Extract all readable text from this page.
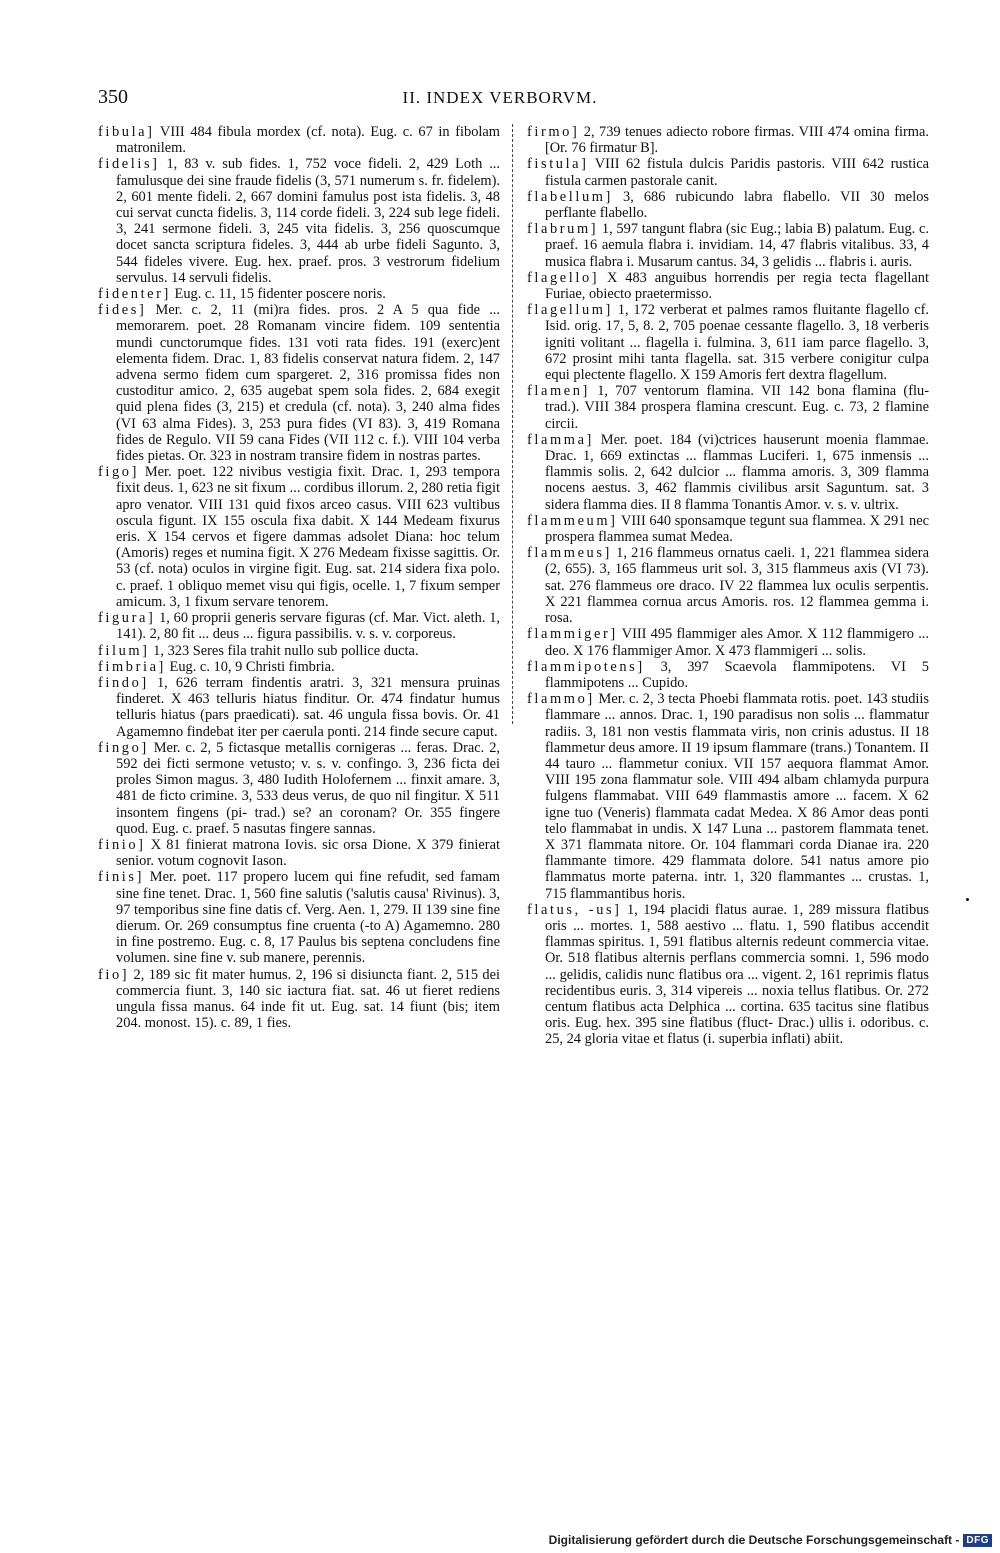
350	II. INDEX VERBORVM.
fibula] VIII 484 fibula mordex (cf. nota). Eug. c. 67 in fibolam matronilem.
fidelis] 1, 83 v. sub fides. 1, 752 voce fideli. 2, 429 Loth ... famulusque dei sine fraude fidelis (3, 571 numerum s. fr. fidelem). 2, 601 mente fideli. 2, 667 domini famulus post ista fidelis. 3, 48 cui servat cuncta fidelis. 3, 114 corde fideli. 3, 224 sub lege fideli. 3, 241 sermone fideli. 3, 245 vita fidelis. 3, 256 quoscumque docet sancta scriptura fideles. 3, 444 ab urbe fideli Sagunto. 3, 544 fideles vivere. Eug. hex. praef. pros. 3 vestrorum fidelium servulus. 14 servuli fidelis.
fidenter] Eug. c. 11, 15 fidenter poscere noris.
fides] Mer. c. 2, 11 (mi)ra fides. pros. 2 A 5 qua fide ... memorarem. poet. 28 Romanam vincire fidem. 109 sententia mundi cunctorumque fides. 131 voti rata fides. 191 (exerc)ent elementa fidem. Drac. 1, 83 fidelis conservat natura fidem. 2, 147 advena sermo fidem cum spargeret. 2, 316 promissa fides non custoditur amico. 2, 635 augebat spem sola fides. 2, 684 exegit quid plena fides (3, 215) et credula (cf. nota). 3, 240 alma fides (VI 63 alma Fides). 3, 253 pura fides (VI 83). 3, 419 Romana fides de Regulo. VII 59 cana Fides (VII 112 c. f.). VIII 104 verba fides pietas. Or. 323 in nostram transire fidem in nostras partes.
figo] Mer. poet. 122 nivibus vestigia fixit. Drac. 1, 293 tempora fixit deus. 1, 623 ne sit fixum ... cordibus illorum. 2, 280 retia figit apro venator. VIII 131 quid fixos arceo casus. VIII 623 vultibus oscula figunt. IX 155 oscula fixa dabit. X 144 Medeam fixurus eris. X 154 cervos et figere dammas adsolet Diana: hoc telum (Amoris) reges et numina figit. X 276 Medeam fixisse sagittis. Or. 53 (cf. nota) oculos in virgine figit. Eug. sat. 214 sidera fixa polo. c. praef. 1 obliquo memet visu qui figis, ocelle. 1, 7 fixum semper amicum. 3, 1 fixum servare tenorem.
figura] 1, 60 proprii generis servare figuras (cf. Mar. Vict. aleth. 1, 141). 2, 80 fit ... deus ... figura passibilis. v. s. v. corporeus.
filum] 1, 323 Seres fila trahit nullo sub pollice ducta.
fimbria] Eug. c. 10, 9 Christi fimbria.
findo] 1, 626 terram findentis aratri. 3, 321 mensura pruinas finderet. X 463 telluris hiatus finditur. Or. 474 findatur humus telluris hiatus (pars praedicati). sat. 46 ungula fissa bovis. Or. 41 Agamemno findebat iter per caerula ponti. 214 finde secure caput.
fingo] Mer. c. 2, 5 fictasque metallis cornigeras ... feras. Drac. 2, 592 dei ficti sermone vetusto; v. s. v. confingo. 3, 236 ficta dei proles Simon magus. 3, 480 Iudith Holofernem ... finxit amare. 3, 481 de ficto crimine. 3, 533 deus verus, de quo nil fingitur. X 511 insontem fingens (pi- trad.) se? an coronam? Or. 355 fingere quod. Eug. c. praef. 5 nasutas fingere sannas.
finio] X 81 finierat matrona Iovis. sic orsa Dione. X 379 finierat senior. votum cognovit Iason.
finis] Mer. poet. 117 propero lucem qui fine refudit, sed famam sine fine tenet. Drac. 1, 560 fine salutis ('salutis causa' Rivinus). 3, 97 temporibus sine fine datis cf. Verg. Aen. 1, 279. II 139 sine fine dierum. Or. 269 consumptus fine cruenta (-to A) Agamemno. 280 in fine postremo. Eug. c. 8, 17 Paulus bis septena concludens fine volumen. sine fine v. sub manere, perennis.
fio] 2, 189 sic fit mater humus. 2, 196 si disiuncta fiant. 2, 515 dei commercia fiunt. 3, 140 sic iactura fiat. sat. 46 ut fieret rediens ungula fissa manus. 64 inde fit ut. Eug. sat. 14 fiunt (bis; item 204. monost. 15). c. 89, 1 fies.
firmo] 2, 739 tenues adiecto robore firmas. VIII 474 omina firma. [Or. 76 firmatur B].
fistula] VIII 62 fistula dulcis Paridis pastoris. VIII 642 rustica fistula carmen pastorale canit.
flabellum] 3, 686 rubicundo labra flabello. VII 30 melos perflante flabello.
flabrum] 1, 597 tangunt flabra (sic Eug.; labia B) palatum. Eug. c. praef. 16 aemula flabra i. invidiam. 14, 47 flabris vitalibus. 33, 4 musica flabra i. Musarum cantus. 34, 3 gelidis ... flabris i. auris.
flagello] X 483 anguibus horrendis per regia tecta flagellant Furiae, obiecto praetermisso.
flagellum] 1, 172 verberat et palmes ramos fluitante flagello cf. Isid. orig. 17, 5, 8. 2, 705 poenae cessante flagello. 3, 18 verberis igniti volitant ... flagella i. fulmina. 3, 611 iam parce flagello. 3, 672 prosint mihi tanta flagella. sat. 315 verbere conigitur culpa equi plectente flagello. X 159 Amoris fert dextra flagellum.
flamen] 1, 707 ventorum flamina. VII 142 bona flamina (flu- trad.). VIII 384 prospera flamina crescunt. Eug. c. 73, 2 flamine circii.
flamma] Mer. poet. 184 (vi)ctrices hauserunt moenia flammae. Drac. 1, 669 extinctas ... flammas Luciferi. 1, 675 inmensis ... flammis solis. 2, 642 dulcior ... flamma amoris. 3, 309 flamma nocens aestus. 3, 462 flammis civilibus arsit Saguntum. sat. 3 sidera flamma dies. II 8 flamma Tonantis Amor. v. s. v. ultrix.
flammeum] VIII 640 sponsamque tegunt sua flammea. X 291 nec prospera flammea sumat Medea.
flammeus] 1, 216 flammeus ornatus caeli. 1, 221 flammea sidera (2, 655). 3, 165 flammeus urit sol. 3, 315 flammeus axis (VI 73). sat. 276 flammeus ore draco. IV 22 flammea lux oculis serpentis. X 221 flammea cornua arcus Amoris. ros. 12 flammea gemma i. rosa.
flammiger] VIII 495 flammiger ales Amor. X 112 flammigero ... deo. X 176 flammiger Amor. X 473 flammigeri ... solis.
flammipotens] 3, 397 Scaevola flammipotens. VI 5 flammipotens ... Cupido.
flammo] Mer. c. 2, 3 tecta Phoebi flammata rotis. poet. 143 studiis flammare ... annos. Drac. 1, 190 paradisus non solis ... flammatur radiis. 3, 181 non vestis flammata viris, non crinis adustus. II 18 flammetur deus amore. II 19 ipsum flammare (trans.) Tonantem. II 44 tauro ... flammetur coniux. VII 157 aequora flammat Amor. VIII 195 zona flammatur sole. VIII 494 albam chlamyda purpura fulgens flammabat. VIII 649 flammastis amore ... facem. X 62 igne tuo (Veneris) flammata cadat Medea. X 86 Amor deas ponti telo flammabat in undis. X 147 Luna ... pastorem flammata tenet. X 371 flammata nitore. Or. 104 flammari corda Dianae ira. 220 flammante timore. 429 flammata dolore. 541 natus amore pio flammatus morte paterna. intr. 1, 320 flammantes ... crustas. 1, 715 flammantibus horis.
flatus, -us] 1, 194 placidi flatus aurae. 1, 289 missura flatibus oris ... mortes. 1, 588 aestivo ... flatu. 1, 590 flatibus accendit flammas spiritus. 1, 591 flatibus alternis redeunt commercia vitae. Or. 518 flatibus alternis perflans commercia somni. 1, 596 modo ... gelidis, calidis nunc flatibus ora ... vigent. 2, 161 reprimis flatus recidentibus euris. 3, 314 vipereis ... noxia tellus flatibus. Or. 272 centum flatibus acta Delphica ... cortina. 635 tacitus sine flatibus oris. Eug. hex. 395 sine flatibus (fluct- Drac.) ullis i. odoribus. c. 25, 24 gloria vitae et flatus (i. superbia inflati) abiit.
Digitalisierung gefördert durch die Deutsche Forschungsgemeinschaft - DFG
